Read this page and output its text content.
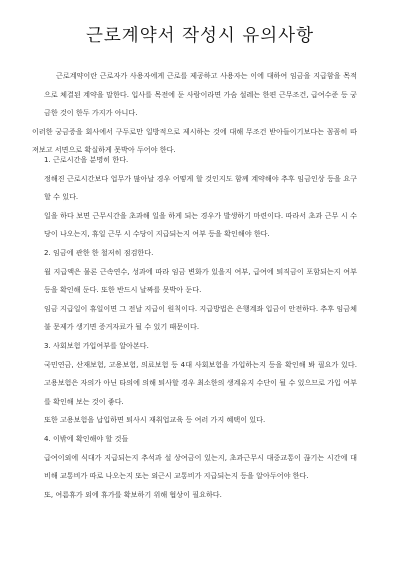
근로계약서 작성시 유의사항
근로계약이란 근로자가 사용자에게 근로를 제공하고 사용자는 이에 대하여 임금을 지급함을 목적으로 체결된 계약을 말한다. 입사를 목전에 둔 사람이라면 가슴 설레는 한편 근무조건, 급여수준 등 궁금한 것이 한두 가지가 아니다.
이러한 궁금증을 회사에서 구두로만 일방적으로 제시하는 것에 대해 무조건 받아들이기보다는 꼼꼼히 따져보고 서면으로 확실하게 못박아 두어야 한다.

1. 근로시간을 분명히 한다.

정해진 근로시간보다 업무가 많아날 경우 어떻게 할 것인지도 함께 계약해야 추후 임금인상 등을 요구할 수 있다.

일을 하다 보면 근무시간을 초과해 일을 하게 되는 경우가 발생하기 마련이다. 따라서 초과 근무 시 수당이 나오는지, 휴일 근무 시 수당이 지급되는지 여부 등을 확인해야 한다.

2. 임금에 관한 한 철저히 점검한다.

월 지급액은 물론 근속연수, 성과에 따라 임금 변화가 있을지 여부, 급여에 퇴직금이 포함되는지 여부 등을 확인해 둔다. 또한 반드시 날짜를 못박아 둔다.

임금 지급일이 휴일이면 그 전날 지급이 원칙이다. 지급방법은 은행계좌 입금이 안전하다. 추후 임금체불 문제가 생기면 증거자료가 될 수 있기 때문이다.

3. 사회보험 가입여부를 알아본다.

국민연금, 산재보험, 고용보험, 의료보험 등 4대 사회보험을 가입하는지 등을 확인해 봐 필요가 있다. 고용보험은 자의가 아닌 타의에 의해 퇴사할 경우 최소한의 생계유지 수단이 될 수 있으므로 가입 여부를 확인해 보는 것이 좋다.

또한 고용보험을 납입하면 퇴사시 재취업교육 등 여러 가지 혜택이 있다.

4. 이밖에 확인해야 할 것들

급여이외에 식대가 지급되는지 추석과 설 상여금이 있는지, 초과근무시 대중교통이 끊기는 시간에 대비해 교통비가 따로 나오는지 또는 외근시 교통비가 지급되는지 등을 알아두어야 한다.

또, 여름휴가 외에 휴가를 확보하기 위해 협상이 필요하다.
